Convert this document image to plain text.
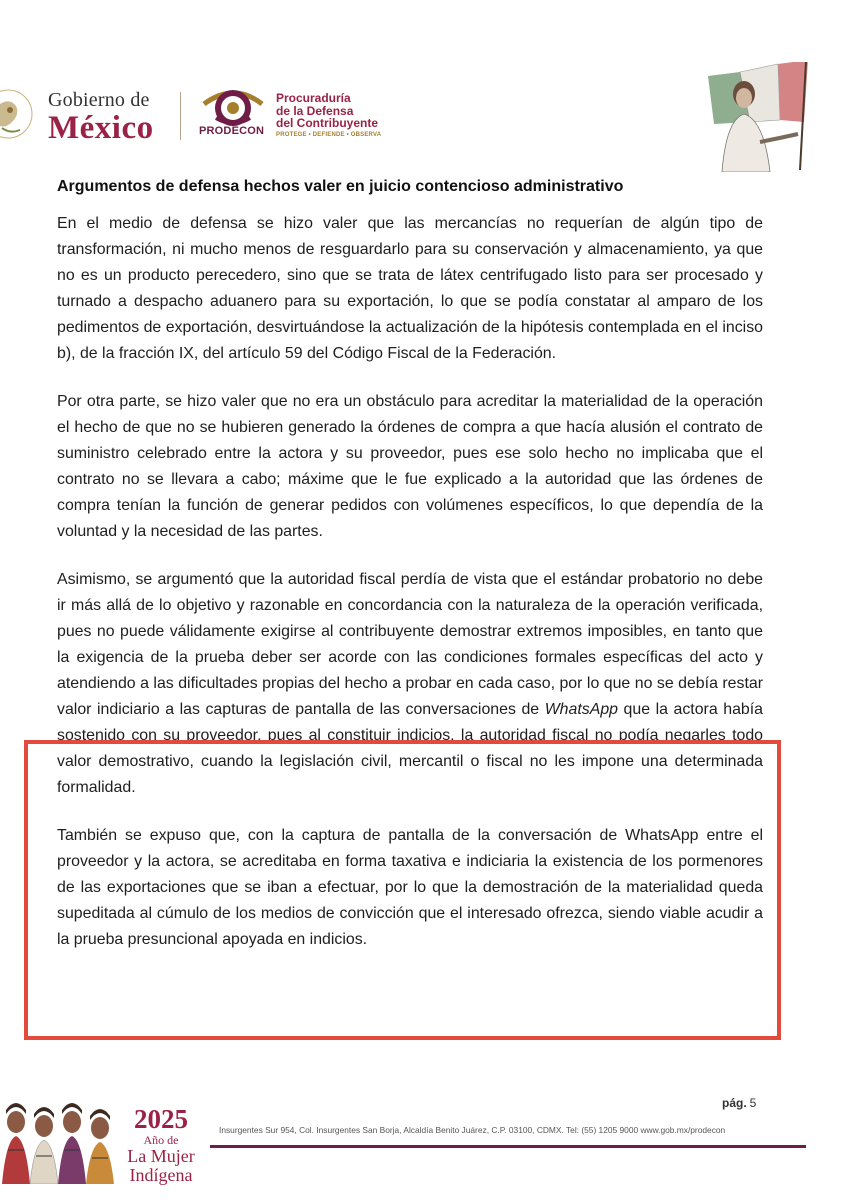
Gobierno de
México	PRODECON
Procuraduría
de la Defensa
del Contribuyente
PROTEGE • DEFIENDE • OBSERVA
Argumentos de defensa hechos valer en juicio contencioso administrativo

En el medio de defensa se hizo valer que las mercancías no requerían de algún tipo de transformación, ni mucho menos de resguardarlo para su conservación y almacenamiento, ya que no es un producto perecedero, sino que se trata de látex centrifugado listo para ser procesado y turnado a despacho aduanero para su exportación, lo que se podía constatar al amparo de los pedimentos de exportación, desvirtuándose la actualización de la hipótesis contemplada en el inciso b), de la fracción IX, del artículo 59 del Código Fiscal de la Federación.

Por otra parte, se hizo valer que no era un obstáculo para acreditar la materialidad de la operación el hecho de que no se hubieren generado la órdenes de compra a que hacía alusión el contrato de suministro celebrado entre la actora y su proveedor, pues ese solo hecho no implicaba que el contrato no se llevara a cabo; máxime que le fue explicado a la autoridad que las órdenes de compra tenían la función de generar pedidos con volúmenes específicos, lo que dependía de la voluntad y la necesidad de las partes.

Asimismo, se argumentó que la autoridad fiscal perdía de vista que el estándar probatorio no debe ir más allá de lo objetivo y razonable en concordancia con la naturaleza de la operación verificada, pues no puede válidamente exigirse al contribuyente demostrar extremos imposibles, en tanto que la exigencia de la prueba deber ser acorde con las condiciones formales específicas del acto y atendiendo a las dificultades propias del hecho a probar en cada caso, por lo que no se debía restar valor indiciario a las capturas de pantalla de las conversaciones de WhatsApp que la actora había sostenido con su proveedor, pues al constituir indicios, la autoridad fiscal no podía negarles todo valor demostrativo, cuando la legislación civil, mercantil o fiscal no les impone una determinada formalidad.

También se expuso que, con la captura de pantalla de la conversación de WhatsApp entre el proveedor y la actora, se acreditaba en forma taxativa e indiciaria la existencia de los pormenores de las exportaciones que se iban a efectuar, por lo que la demostración de la materialidad queda supeditada al cúmulo de los medios de convicción que el interesado ofrezca, siendo viable acudir a la prueba presuncional apoyada en indicios.

pág. 5
2025
Año de
La Mujer
Indígena
Insurgentes Sur 954, Col. Insurgentes San Borja, Alcaldía Benito Juárez, C.P. 03100, CDMX. Tel: (55) 1205 9000 www.gob.mx/prodecon
